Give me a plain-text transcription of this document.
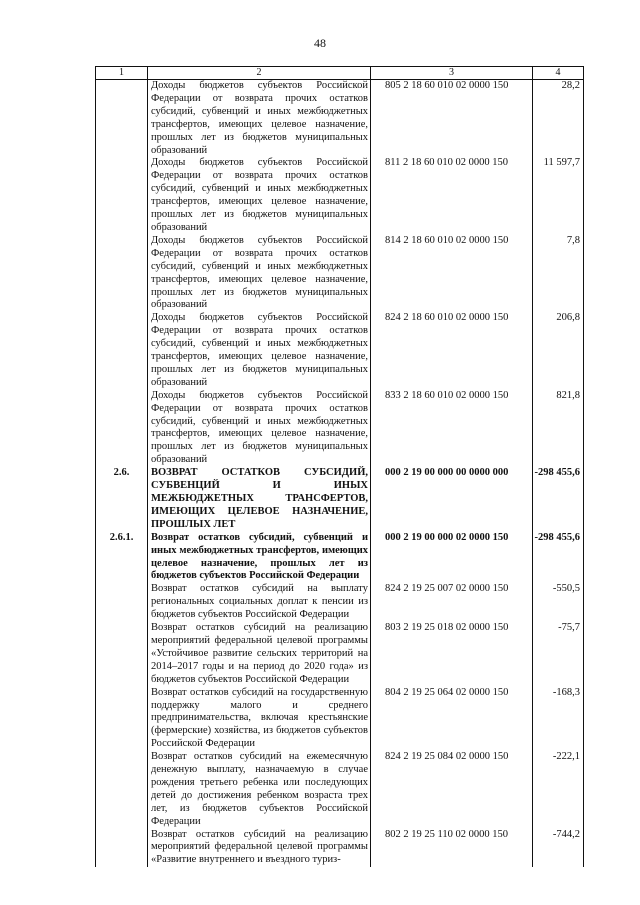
48
1	2	3	4
	Доходы бюджетов субъектов Российской Федерации от возврата прочих остатков субсидий, субвенций и иных межбюджетных трансфертов, имеющих целевое назначение, прошлых лет из бюджетов муниципальных образований	805 2 18 60 010 02 0000 150	28,2
	Доходы бюджетов субъектов Российской Федерации от возврата прочих остатков субсидий, субвенций и иных межбюджетных трансфертов, имеющих целевое назначение, прошлых лет из бюджетов муниципальных образований	811 2 18 60 010 02 0000 150	11 597,7
	Доходы бюджетов субъектов Российской Федерации от возврата прочих остатков субсидий, субвенций и иных межбюджетных трансфертов, имеющих целевое назначение, прошлых лет из бюджетов муниципальных образований	814 2 18 60 010 02 0000 150	7,8
	Доходы бюджетов субъектов Российской Федерации от возврата прочих остатков субсидий, субвенций и иных межбюджетных трансфертов, имеющих целевое назначение, прошлых лет из бюджетов муниципальных образований	824 2 18 60 010 02 0000 150	206,8
	Доходы бюджетов субъектов Российской Федерации от возврата прочих остатков субсидий, субвенций и иных межбюджетных трансфертов, имеющих целевое назначение, прошлых лет из бюджетов муниципальных образований	833 2 18 60 010 02 0000 150	821,8
2.6.	ВОЗВРАТ ОСТАТКОВ СУБСИДИЙ, СУБВЕНЦИЙ И ИНЫХ МЕЖБЮДЖЕТНЫХ ТРАНСФЕРТОВ, ИМЕЮЩИХ ЦЕЛЕВОЕ НАЗНАЧЕНИЕ, ПРОШЛЫХ ЛЕТ	000 2 19 00 000 00 0000 000	-298 455,6
2.6.1.	Возврат остатков субсидий, субвенций и иных межбюджетных трансфертов, имеющих целевое назначение, прошлых лет из бюджетов субъектов Российской Федерации	000 2 19 00 000 02 0000 150	-298 455,6
	Возврат остатков субсидий на выплату региональных социальных доплат к пенсии из бюджетов субъектов Российской Федерации	824 2 19 25 007 02 0000 150	-550,5
	Возврат остатков субсидий на реализацию мероприятий федеральной целевой программы «Устойчивое развитие сельских территорий на 2014–2017 годы и на период до 2020 года» из бюджетов субъектов Российской Федерации	803 2 19 25 018 02 0000 150	-75,7
	Возврат остатков субсидий на государственную поддержку малого и среднего предпринимательства, включая крестьянские (фермерские) хозяйства, из бюджетов субъектов Российской Федерации	804 2 19 25 064 02 0000 150	-168,3
	Возврат остатков субсидий на ежемесячную денежную выплату, назначаемую в случае рождения третьего ребенка или последующих детей до достижения ребенком возраста трех лет, из бюджетов субъектов Российской Федерации	824 2 19 25 084 02 0000 150	-222,1
	Возврат остатков субсидий на реализацию мероприятий федеральной целевой программы «Развитие внутреннего и въездного туриз-	802 2 19 25 110 02 0000 150	-744,2
